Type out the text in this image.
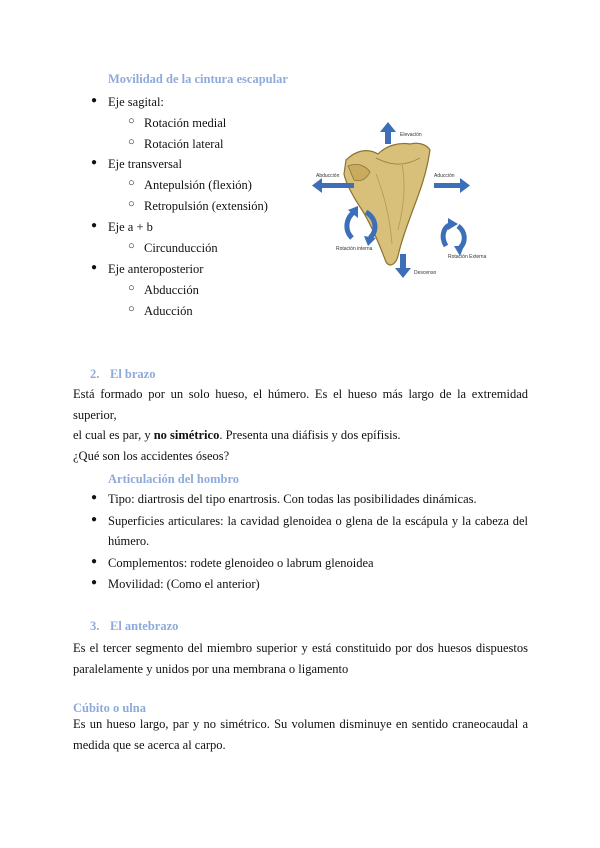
Movilidad de la cintura escapular
● Eje sagital:
○ Rotación medial
○ Rotación lateral
● Eje transversal
○ Antepulsión (flexión)
○ Retropulsión (extensión)
● Eje a + b
○ Circunducción
● Eje anteroposterior
○ Abducción
○ Aducción
Elevación
Abducción	Aducción
Rotación interna
Rotación Externa
Descenso
2. El brazo
Está formado por un solo hueso, el húmero. Es el hueso más largo de la extremidad superior,
el cual es par, y no simétrico. Presenta una diáfisis y dos epífisis.
¿Qué son los accidentes óseos?
Articulación del hombro
● Tipo: diartrosis del tipo enartrosis. Con todas las posibilidades dinámicas.
● Superficies articulares: la cavidad glenoidea o glena de la escápula y la cabeza del
húmero.
● Complementos: rodete glenoideo o labrum glenoidea
● Movilidad: (Como el anterior)
3. El antebrazo
Es el tercer segmento del miembro superior y está constituido por dos huesos dispuestos
paralelamente y unidos por una membrana o ligamento
Cúbito o ulna
Es un hueso largo, par y no simétrico. Su volumen disminuye en sentido craneocaudal a
medida que se acerca al carpo.
